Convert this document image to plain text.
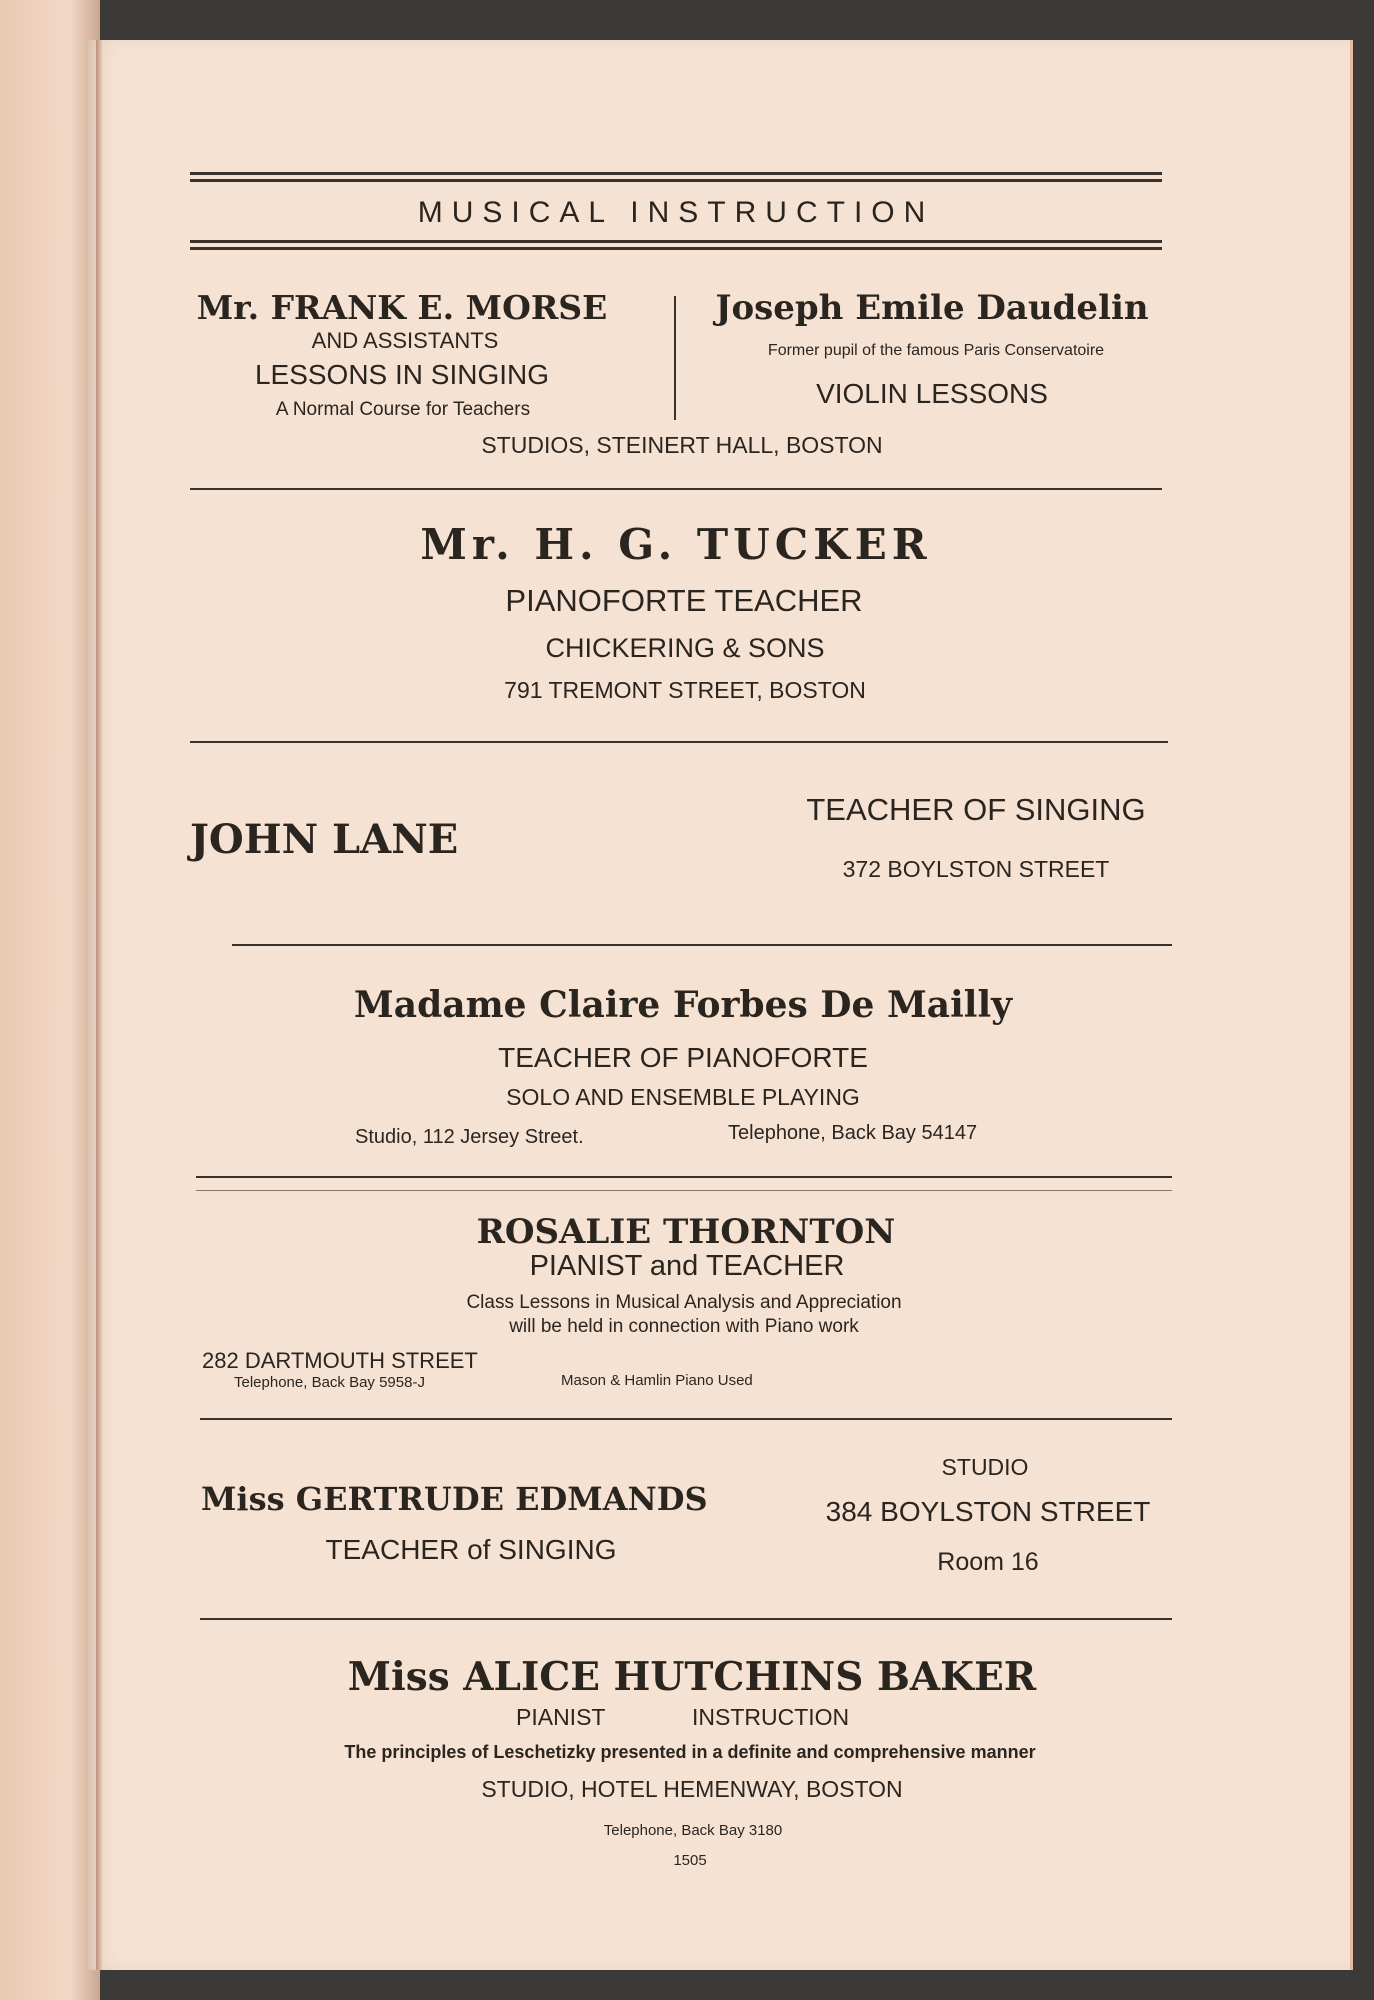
MUSICAL INSTRUCTION
Mr. FRANK E. MORSE
AND ASSISTANTS
LESSONS IN SINGING
A Normal Course for Teachers
Joseph Emile Daudelin
Former pupil of the famous Paris Conservatoire
VIOLIN LESSONS
STUDIOS, STEINERT HALL, BOSTON
Mr. H. G. TUCKER
PIANOFORTE TEACHER
CHICKERING & SONS
791 TREMONT STREET, BOSTON
JOHN LANE
TEACHER OF SINGING
372 BOYLSTON STREET
Madame Claire Forbes De Mailly
TEACHER OF PIANOFORTE
SOLO AND ENSEMBLE PLAYING
Studio, 112 Jersey Street.	Telephone, Back Bay 54147
ROSALIE THORNTON
PIANIST and TEACHER
Class Lessons in Musical Analysis and Appreciation
will be held in connection with Piano work
282 DARTMOUTH STREET
Telephone, Back Bay 5958-J	Mason & Hamlin Piano Used
Miss GERTRUDE EDMANDS
TEACHER of SINGING
STUDIO
384 BOYLSTON STREET
Room 16
Miss ALICE HUTCHINS BAKER
PIANIST	INSTRUCTION
The principles of Leschetizky presented in a definite and comprehensive manner
STUDIO, HOTEL HEMENWAY, BOSTON
Telephone, Back Bay 3180
1505
